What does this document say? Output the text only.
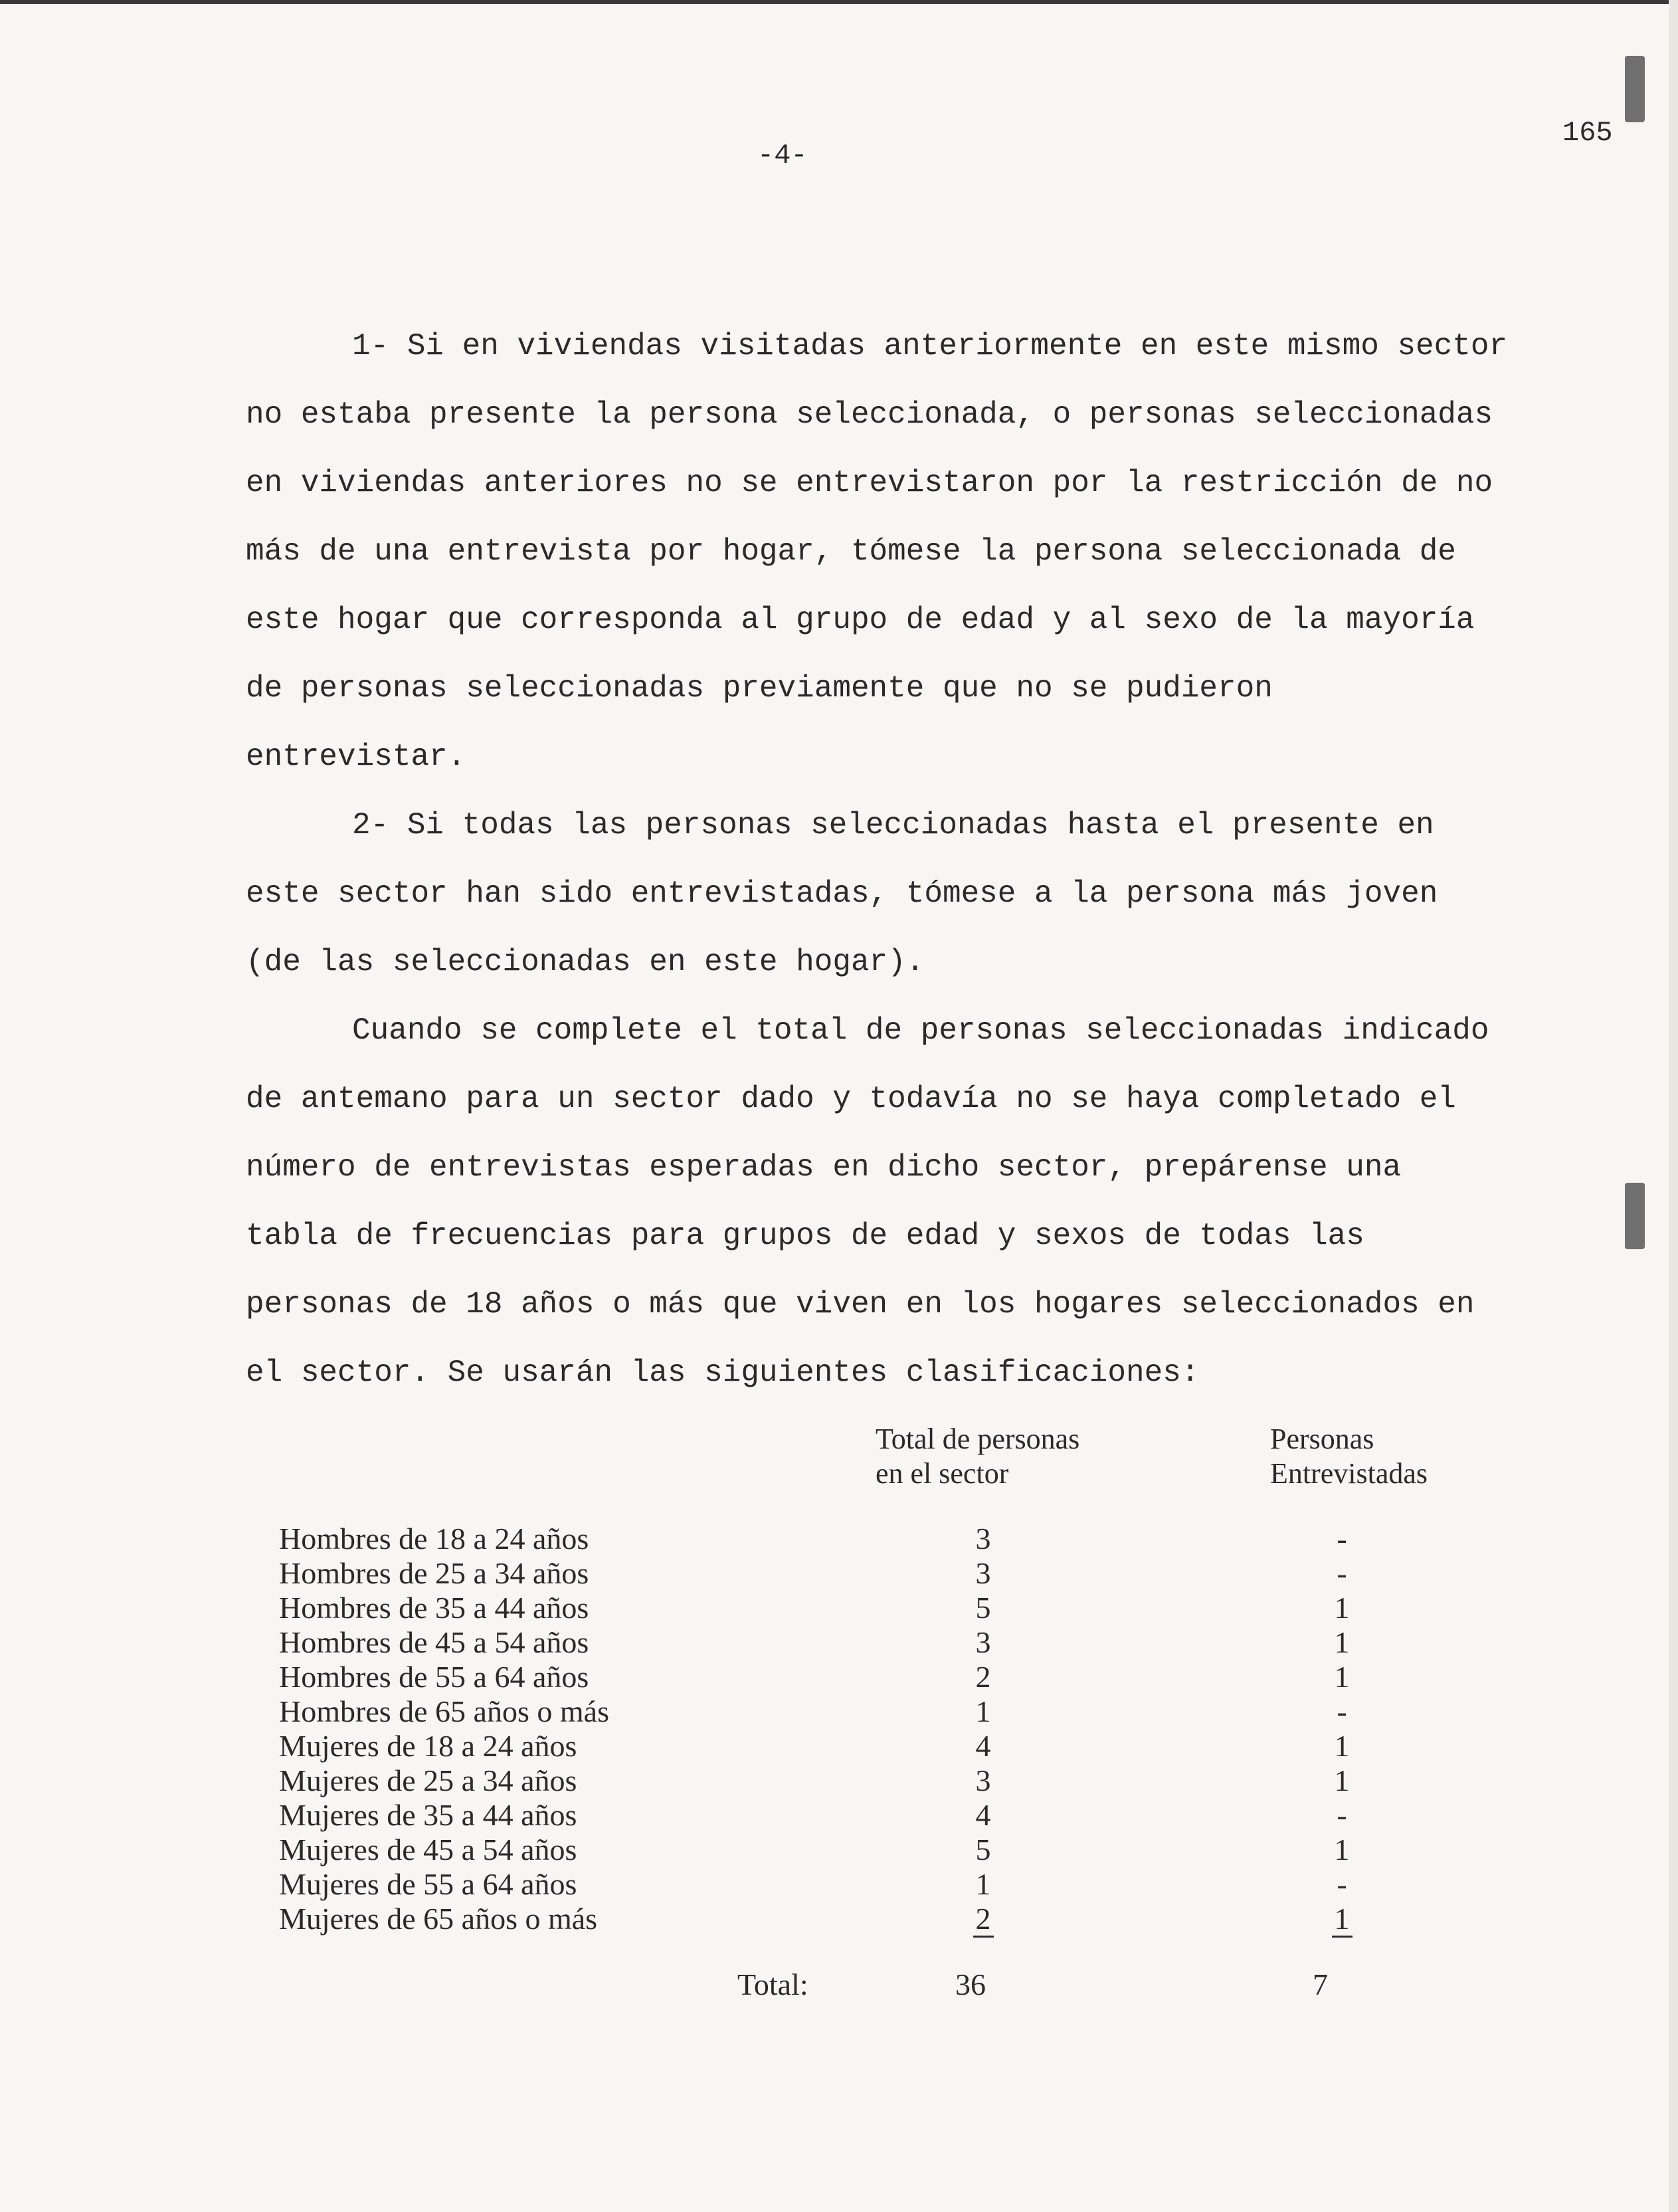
-4-
165

1- Si en viviendas visitadas anteriormente en este mismo sector no estaba presente la persona seleccionada, o personas seleccionadas en viviendas anteriores no se entrevistaron por la restricción de no más de una entrevista por hogar, tómese la persona seleccionada de este hogar que corresponda al grupo de edad y al sexo de la mayoría de personas seleccionadas previamente que no se pudieron entrevistar.

2- Si todas las personas seleccionadas hasta el presente en este sector han sido entrevistadas, tómese a la persona más joven (de las seleccionadas en este hogar).

Cuando se complete el total de personas seleccionadas indicado de antemano para un sector dado y todavía no se haya completado el número de entrevistas esperadas en dicho sector, prepárense una tabla de frecuencias para grupos de edad y sexos de todas las personas de 18 años o más que viven en los hogares seleccionados en el sector. Se usarán las siguientes clasificaciones:

Total de personas
en el sector
Personas
Entrevistadas
Hombres de 18 a 24 años	3	-
Hombres de 25 a 34 años	3	-
Hombres de 35 a 44 años	5	1
Hombres de 45 a 54 años	3	1
Hombres de 55 a 64 años	2	1
Hombres de 65 años o más	1	-
Mujeres de 18 a 24 años	4	1
Mujeres de 25 a 34 años	3	1
Mujeres de 35 a 44 años	4	-
Mujeres de 45 a 54 años	5	1
Mujeres de 55 a 64 años	1	-
Mujeres de 65 años o más	2	1
Total:	36	7
